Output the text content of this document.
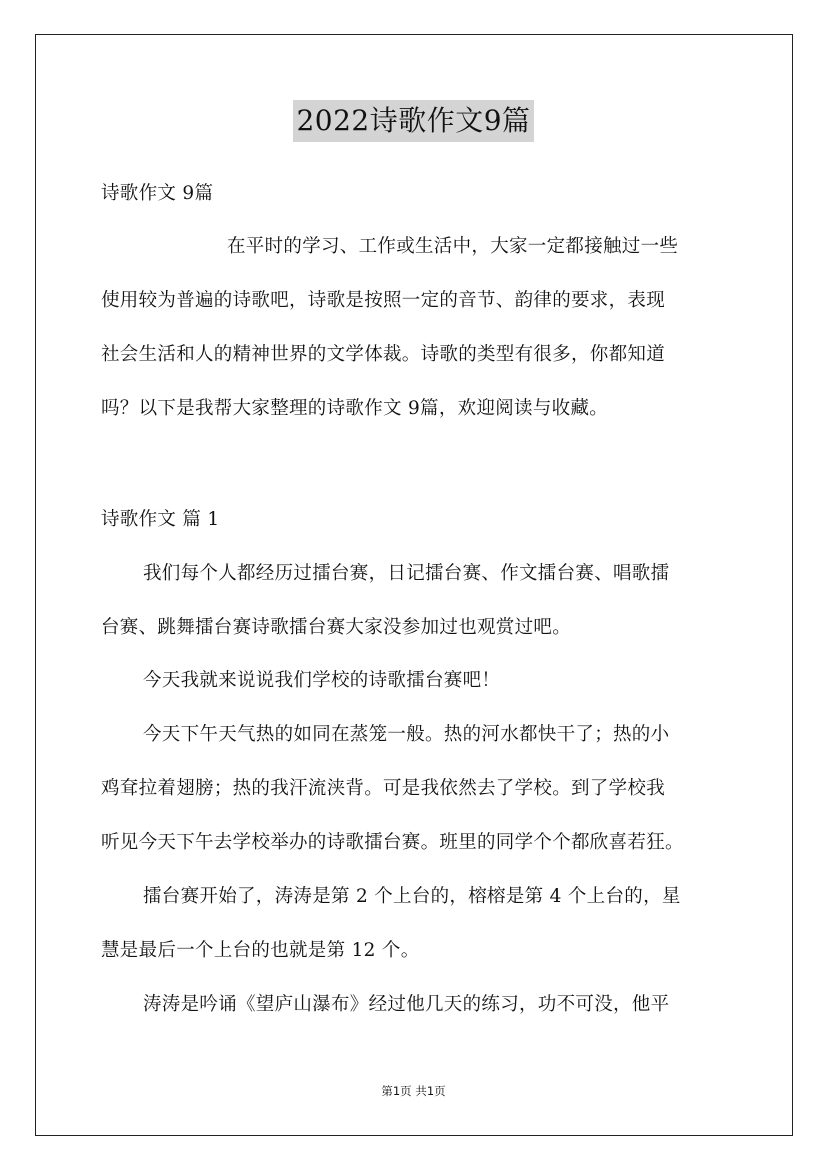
2022诗歌作文9篇
诗歌作文 9篇
在平时的学习、工作或生活中，大家一定都接触过一些
使用较为普遍的诗歌吧，诗歌是按照一定的音节、韵律的要求，表现
社会生活和人的精神世界的文学体裁。诗歌的类型有很多，你都知道
吗？以下是我帮大家整理的诗歌作文 9篇，欢迎阅读与收藏。
诗歌作文 篇 1
我们每个人都经历过擂台赛，日记擂台赛、作文擂台赛、唱歌擂
台赛、跳舞擂台赛诗歌擂台赛大家没参加过也观赏过吧。
今天我就来说说我们学校的诗歌擂台赛吧！
今天下午天气热的如同在蒸笼一般。热的河水都快干了；热的小
鸡耷拉着翅膀；热的我汗流浃背。可是我依然去了学校。到了学校我
听见今天下午去学校举办的诗歌擂台赛。班里的同学个个都欣喜若狂。
擂台赛开始了，涛涛是第 2 个上台的，榕榕是第 4 个上台的，星
慧是最后一个上台的也就是第 12 个。
涛涛是吟诵《望庐山瀑布》经过他几天的练习，功不可没，他平
第1页 共1页
